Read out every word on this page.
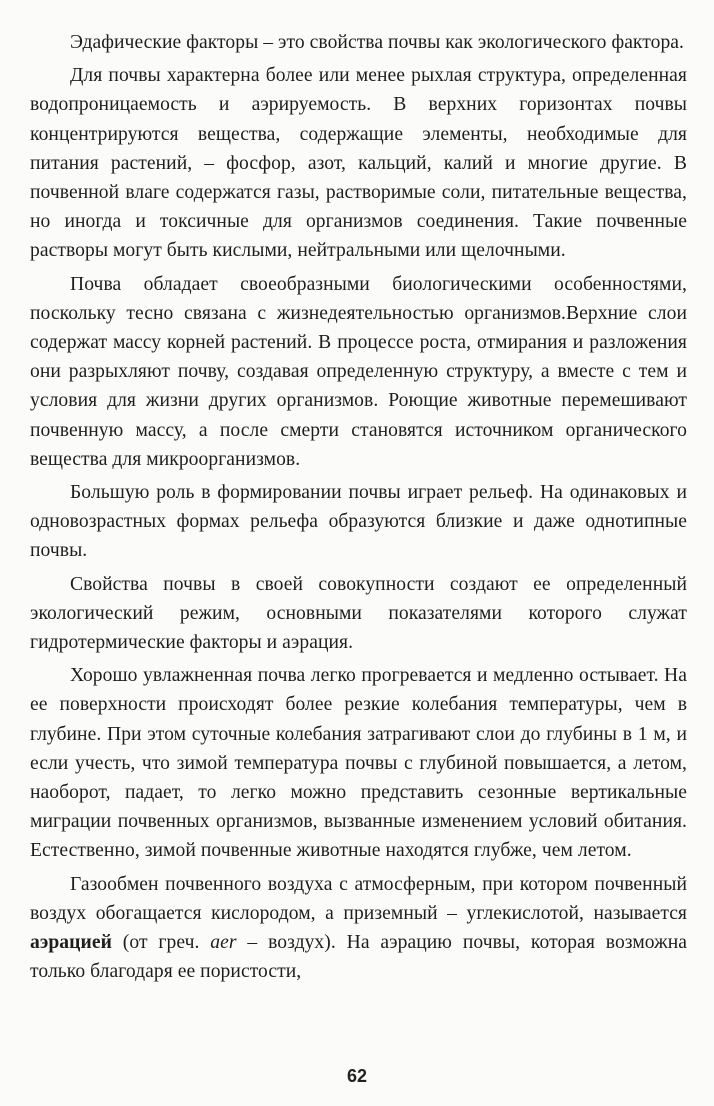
Эдафические факторы – это свойства почвы как экологического фактора.

Для почвы характерна более или менее рыхлая структура, определенная водопроницаемость и аэрируемость. В верхних горизонтах почвы концентрируются вещества, содержащие элементы, необходимые для питания растений, – фосфор, азот, кальций, калий и многие другие. В почвенной влаге содержатся газы, растворимые соли, питательные вещества, но иногда и токсичные для организмов соединения. Такие почвенные растворы могут быть кислыми, нейтральными или щелочными.

Почва обладает своеобразными биологическими особенностями, поскольку тесно связана с жизнедеятельностью организмов.Верхние слои содержат массу корней растений. В процессе роста, отмирания и разложения они разрыхляют почву, создавая определенную структуру, а вместе с тем и условия для жизни других организмов. Роющие животные перемешивают почвенную массу, а после смерти становятся источником органического вещества для микроорганизмов.

Большую роль в формировании почвы играет рельеф. На одинаковых и одновозрастных формах рельефа образуются близкие и даже однотипные почвы.

Свойства почвы в своей совокупности создают ее определенный экологический режим, основными показателями которого служат гидротермические факторы и аэрация.

Хорошо увлажненная почва легко прогревается и медленно остывает. На ее поверхности происходят более резкие колебания температуры, чем в глубине. При этом суточные колебания затрагивают слои до глубины в 1 м, и если учесть, что зимой температура почвы с глубиной повышается, а летом, наоборот, падает, то легко можно представить сезонные вертикальные миграции почвенных организмов, вызванные изменением условий обитания. Естественно, зимой почвенные животные находятся глубже, чем летом.

Газообмен почвенного воздуха с атмосферным, при котором почвенный воздух обогащается кислородом, а приземный – углекислотой, называется аэрацией (от греч. aer – воздух). На аэрацию почвы, которая возможна только благодаря ее пористости,

62
